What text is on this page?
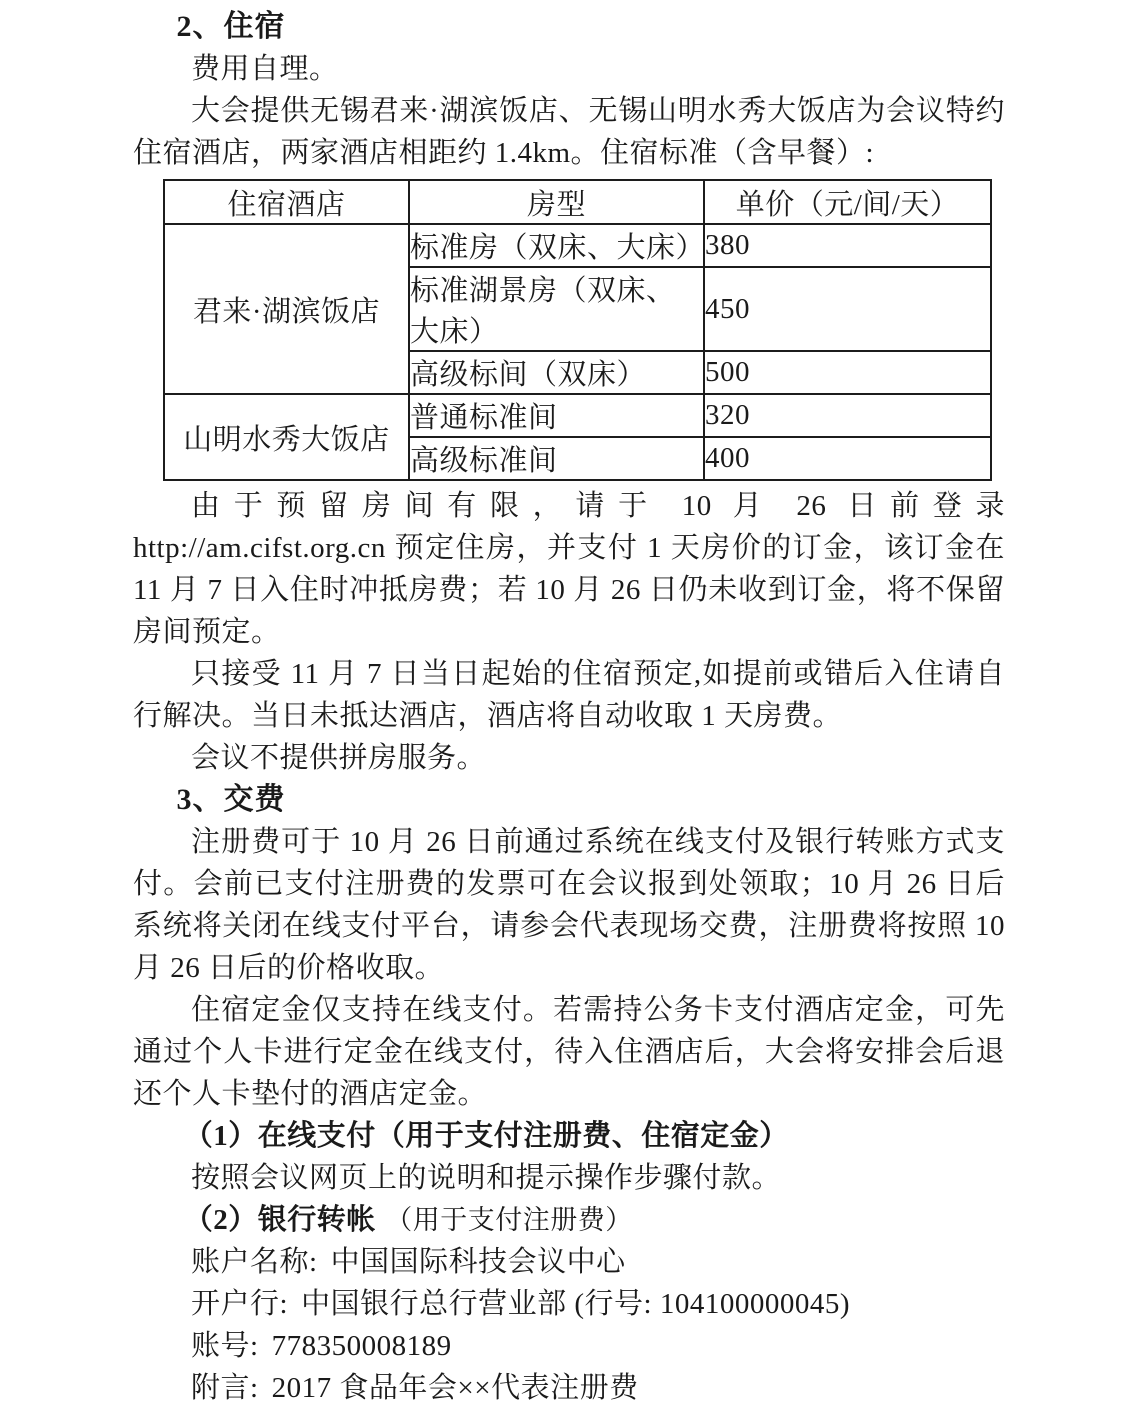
2、住宿

费用自理。

大会提供无锡君来·湖滨饭店、无锡山明水秀大饭店为会议特约住宿酒店，两家酒店相距约 1.4km。住宿标准（含早餐）:

住宿酒店	房型	单价（元/间/天）
君来·湖滨饭店	标准房（双床、大床）	380
	标准湖景房（双床、大床）	450
	高级标间（双床）	500
山明水秀大饭店	普通标准间	320
	高级标准间	400

由于预留房间有限，请于 10 月 26 日前登录 http://am.cifst.org.cn 预定住房，并支付 1 天房价的订金，该订金在 11 月 7 日入住时冲抵房费；若 10 月 26 日仍未收到订金，将不保留房间预定。

只接受 11 月 7 日当日起始的住宿预定,如提前或错后入住请自行解决。当日未抵达酒店，酒店将自动收取 1 天房费。

会议不提供拼房服务。

3、交费

注册费可于 10 月 26 日前通过系统在线支付及银行转账方式支付。会前已支付注册费的发票可在会议报到处领取；10 月 26 日后系统将关闭在线支付平台，请参会代表现场交费，注册费将按照 10 月 26 日后的价格收取。

住宿定金仅支持在线支付。若需持公务卡支付酒店定金，可先通过个人卡进行定金在线支付，待入住酒店后，大会将安排会后退还个人卡垫付的酒店定金。

（1）在线支付（用于支付注册费、住宿定金）

按照会议网页上的说明和提示操作步骤付款。

（2）银行转帐 （用于支付注册费）
账户名称: 中国国际科技会议中心
开户行: 中国银行总行营业部 (行号: 104100000045)
账号: 778350008189
附言: 2017 食品年会××代表注册费
